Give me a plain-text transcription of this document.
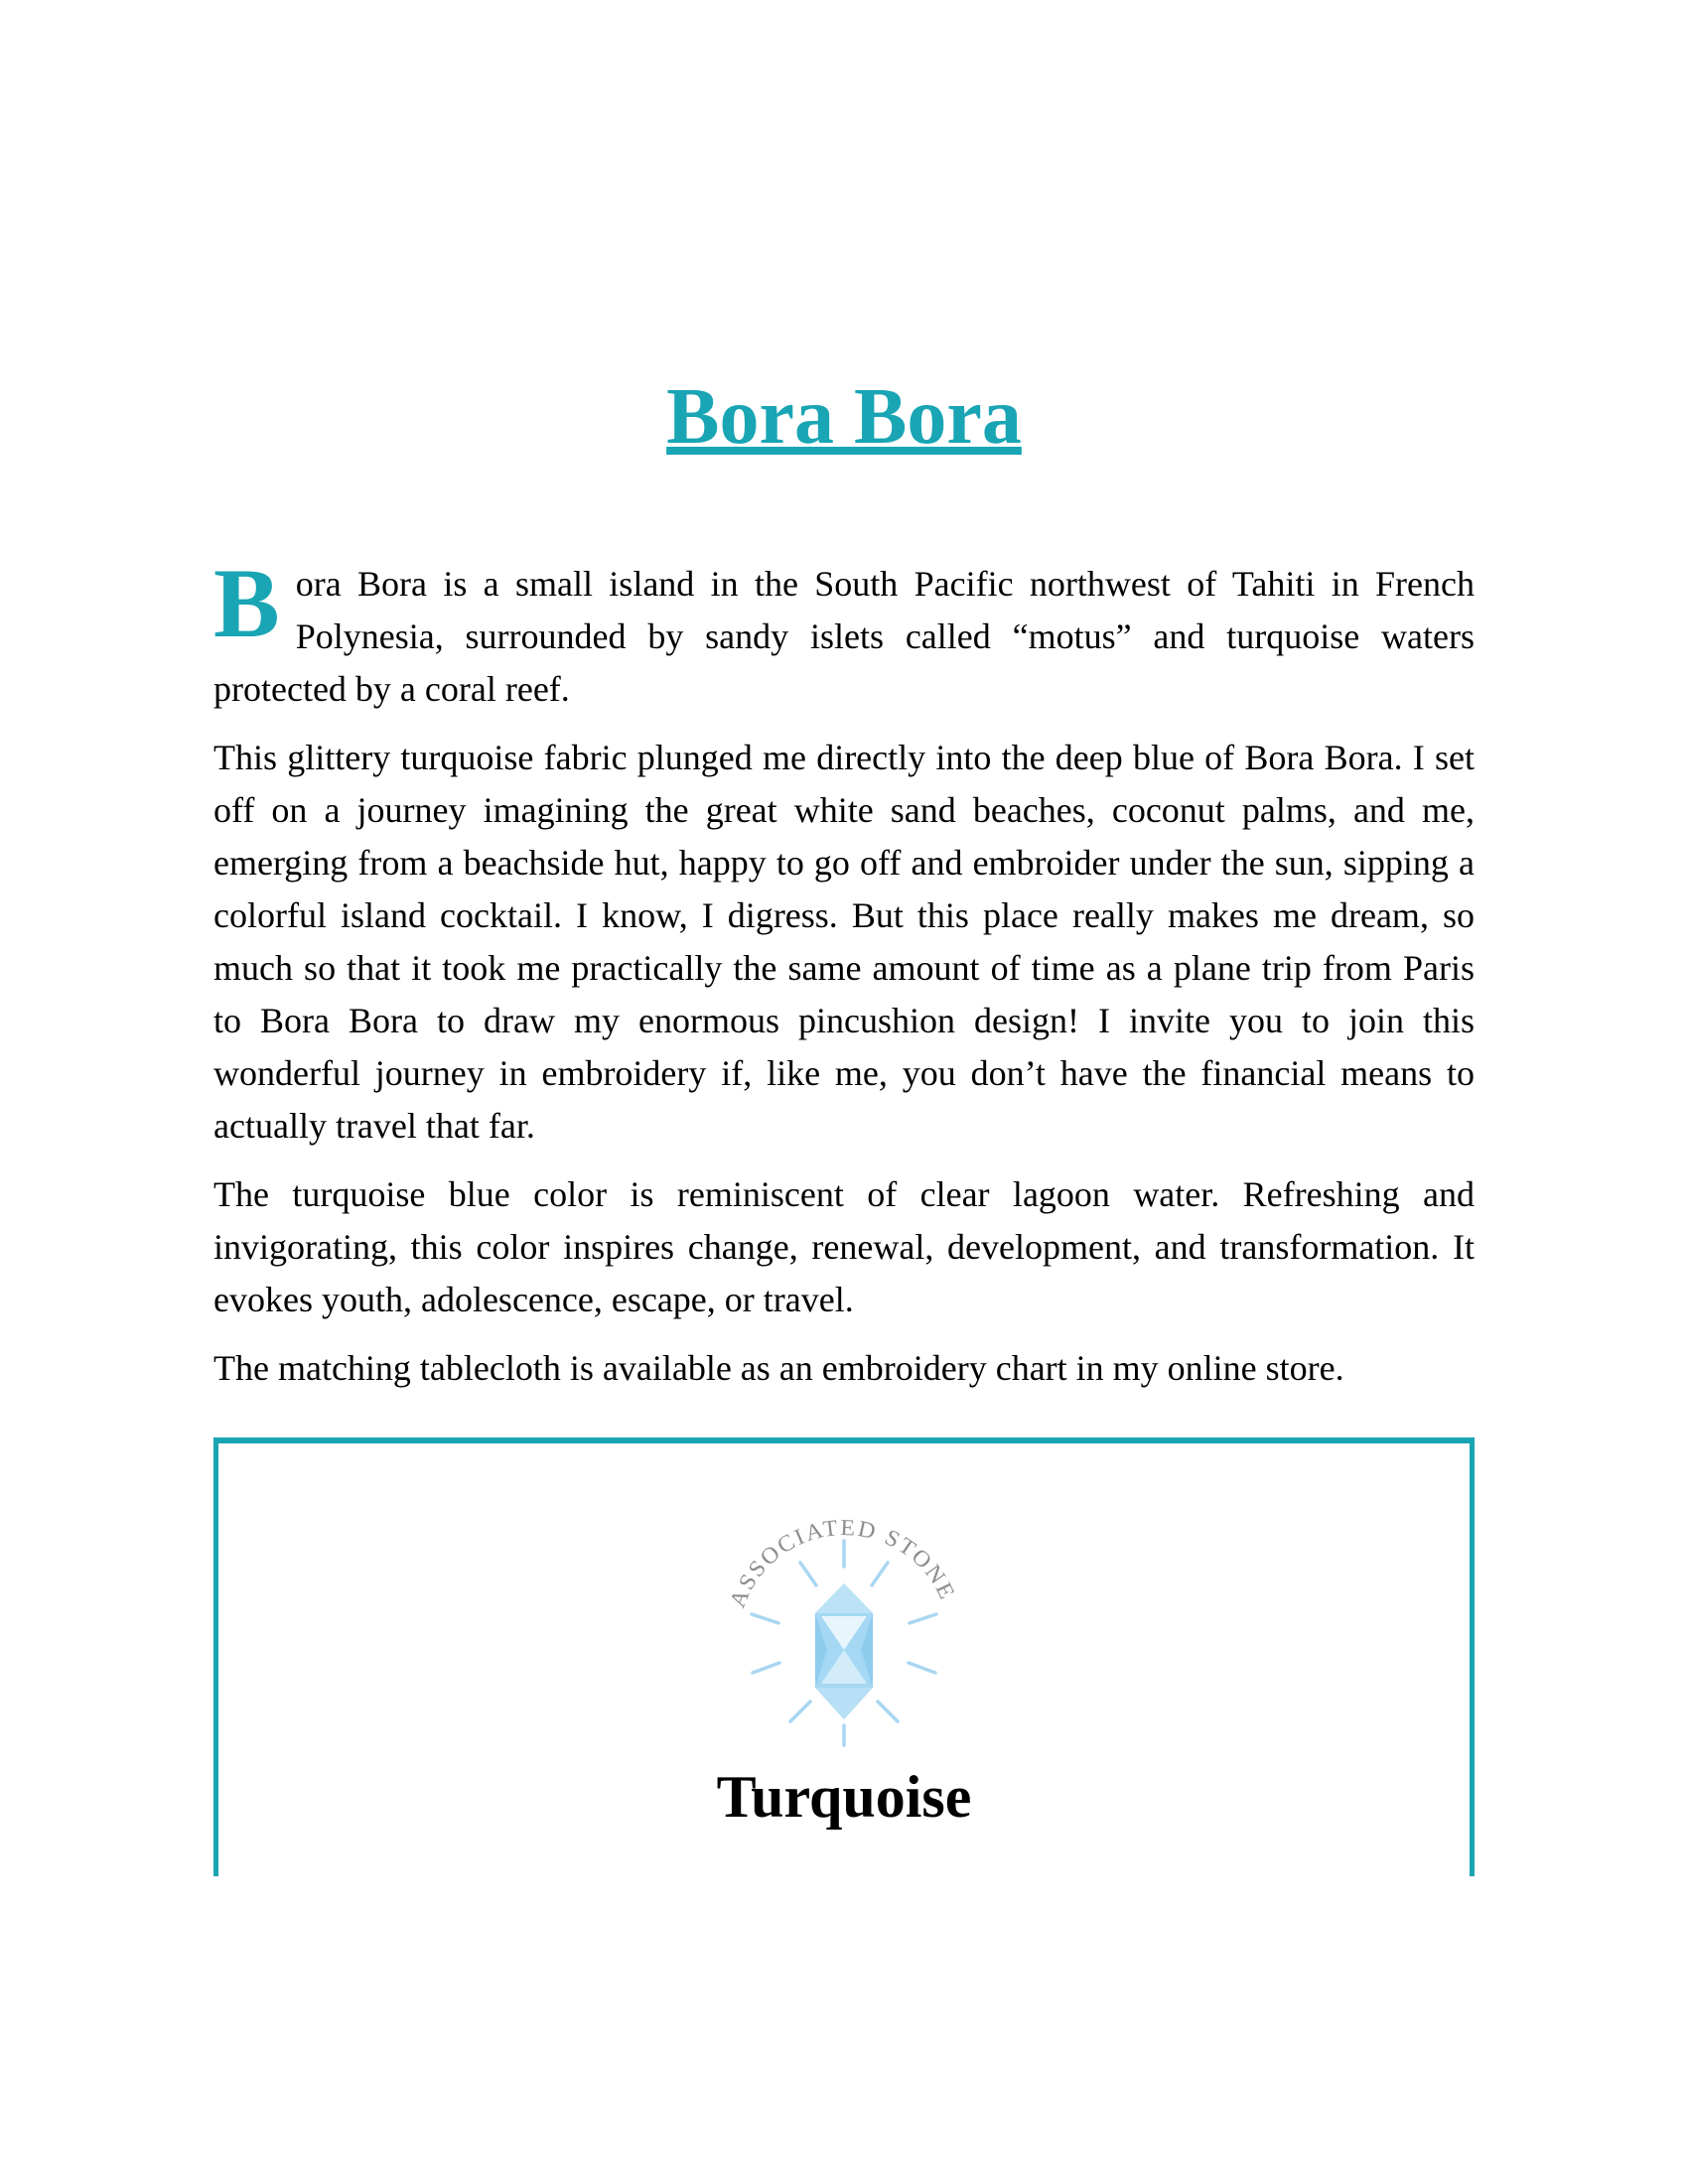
Bora Bora

Bora Bora is a small island in the South Pacific northwest of Tahiti in French Polynesia, surrounded by sandy islets called “motus” and turquoise waters protected by a coral reef.

This glittery turquoise fabric plunged me directly into the deep blue of Bora Bora. I set off on a journey imagining the great white sand beaches, coconut palms, and me, emerging from a beachside hut, happy to go off and embroider under the sun, sipping a colorful island cocktail. I know, I digress. But this place really makes me dream, so much so that it took me practically the same amount of time as a plane trip from Paris to Bora Bora to draw my enormous pincushion design! I invite you to join this wonderful journey in embroidery if, like me, you don’t have the financial means to actually travel that far.

The turquoise blue color is reminiscent of clear lagoon water. Refreshing and invigorating, this color inspires change, renewal, development, and transformation. It evokes youth, adolescence, escape, or travel.

The matching tablecloth is available as an embroidery chart in my online store.

ASSOCIATED STONE
Turquoise
